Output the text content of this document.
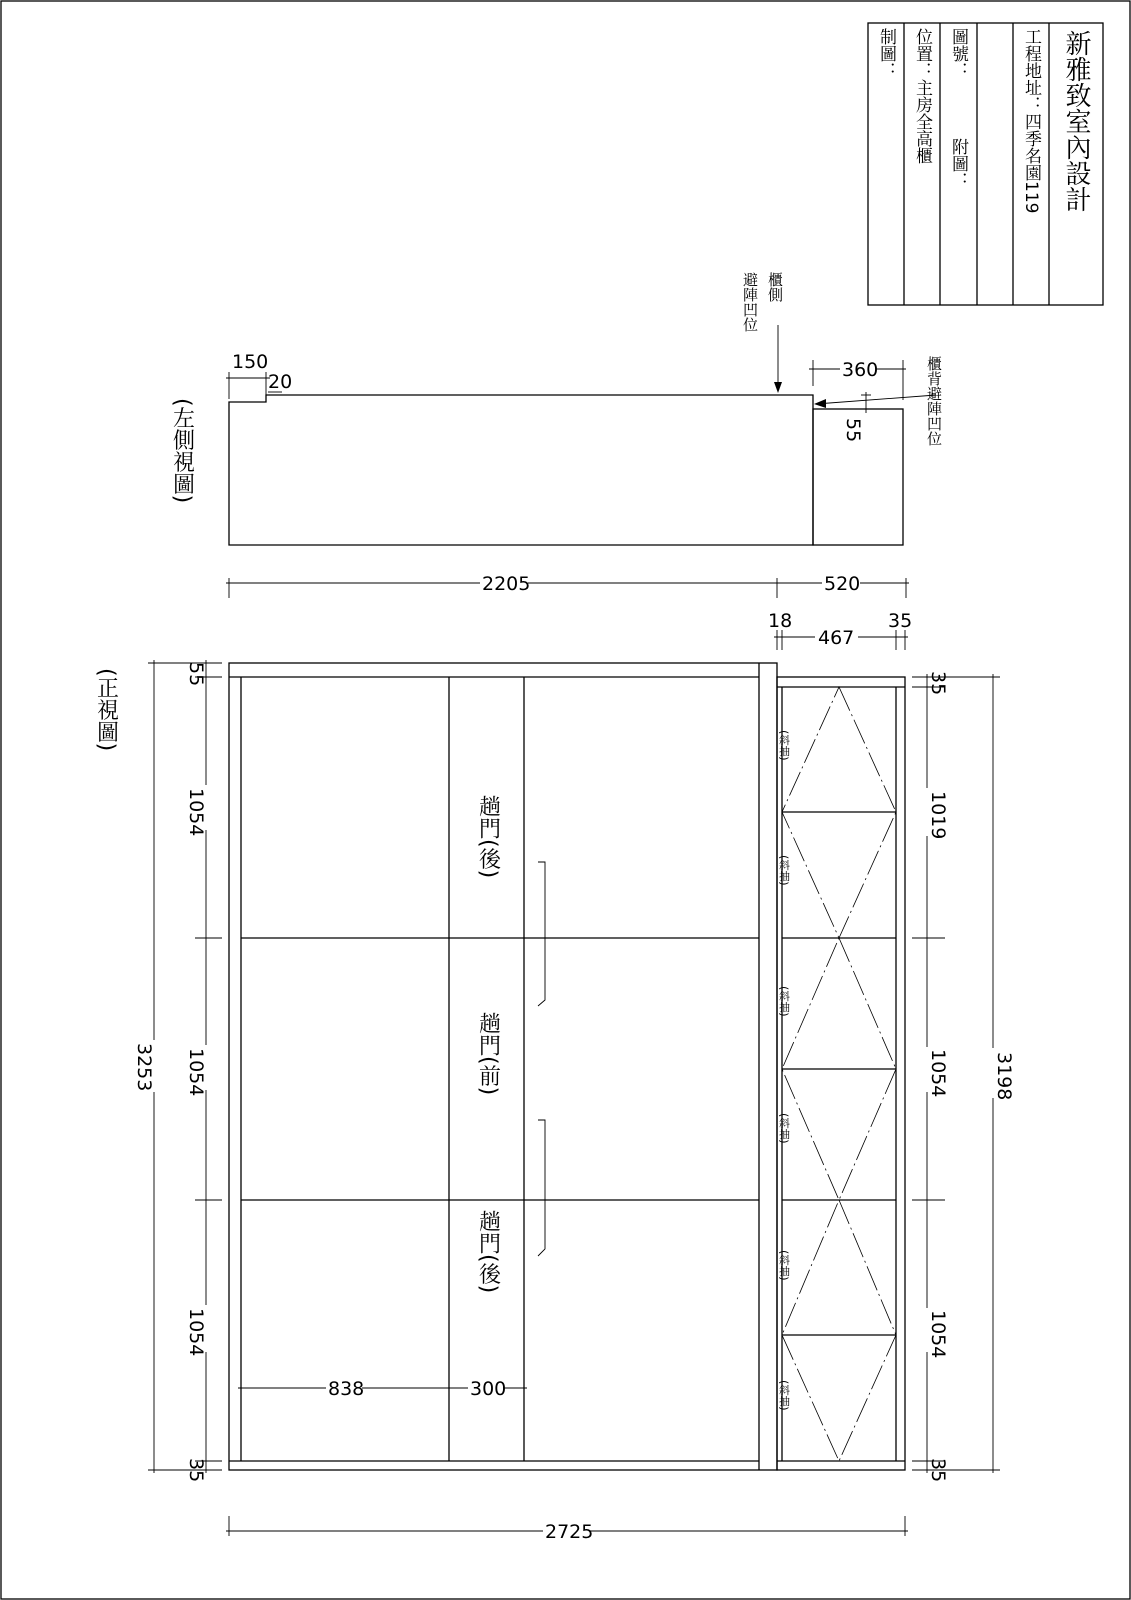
新雅致室內設計
工程地址：四季名園119
圖號：
附圖：
位置：主房全高櫃
制圖：
(左側視圖)
櫃側
避陣凹位
櫃背避陣凹位
150
20
360
55
2205	520
(正視圖)
趟門(後)
趟門(前)
趟門(後)
(斜抽)
(斜抽)
(斜抽)
(斜抽)
(斜抽)
(斜抽)
18
467
35
55
1054
1054
1054
3253
35
35
1019
1054
1054
3198
35
838	300
2725
